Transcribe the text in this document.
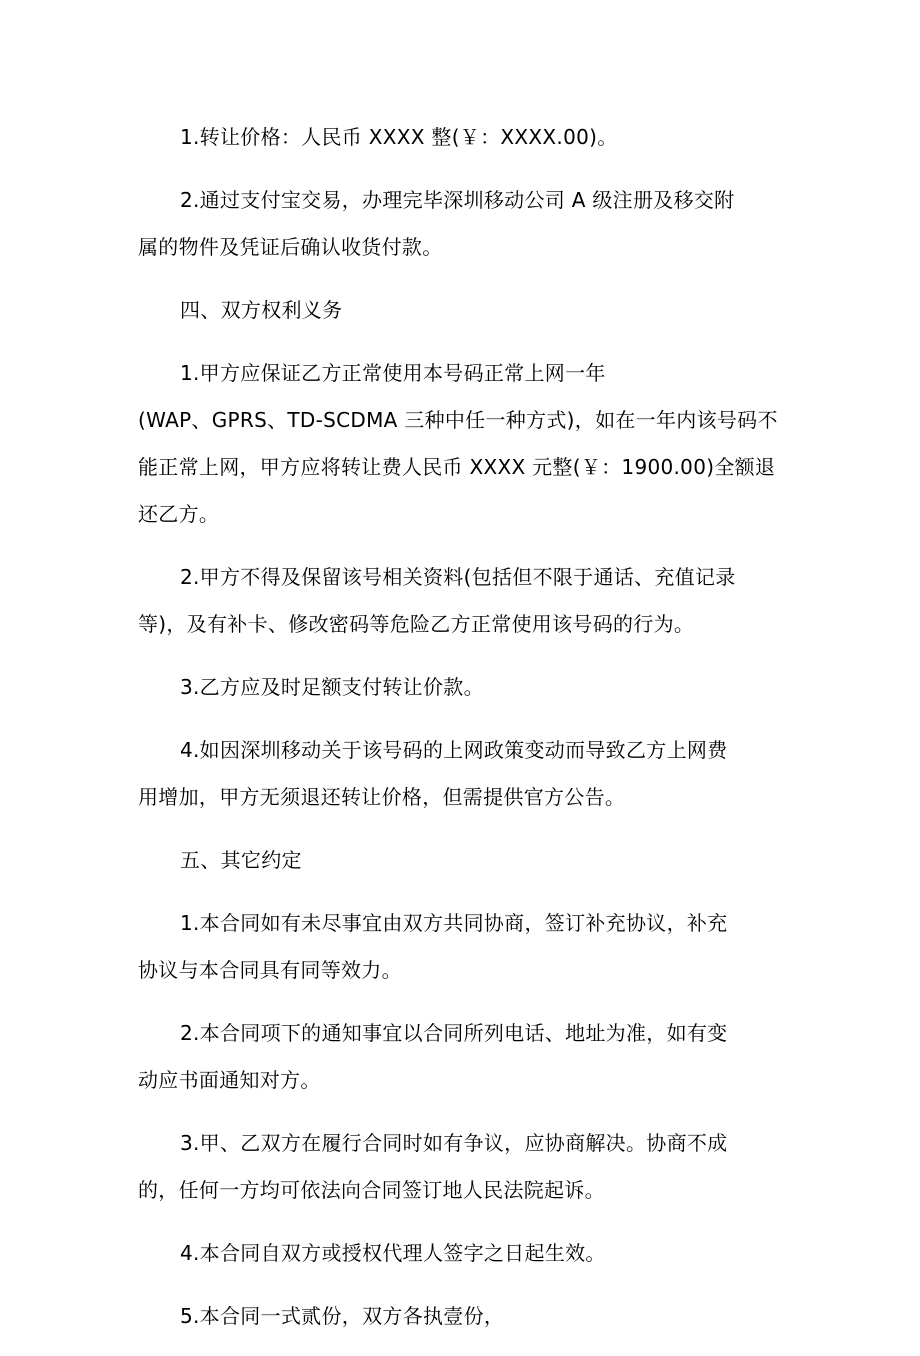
1.转让价格：人民币 XXXX 整(￥：XXXX.00)。

2.通过支付宝交易，办理完毕深圳移动公司 A 级注册及移交附
属的物件及凭证后确认收货付款。

四、双方权利义务

1.甲方应保证乙方正常使用本号码正常上网一年
(WAP、GPRS、TD-SCDMA 三种中任一种方式)，如在一年内该号码不
能正常上网，甲方应将转让费人民币 XXXX 元整(￥：1900.00)全额退
还乙方。

2.甲方不得及保留该号相关资料(包括但不限于通话、充值记录
等)，及有补卡、修改密码等危险乙方正常使用该号码的行为。

3.乙方应及时足额支付转让价款。

4.如因深圳移动关于该号码的上网政策变动而导致乙方上网费
用增加，甲方无须退还转让价格，但需提供官方公告。

五、其它约定

1.本合同如有未尽事宜由双方共同协商，签订补充协议，补充
协议与本合同具有同等效力。

2.本合同项下的通知事宜以合同所列电话、地址为准，如有变
动应书面通知对方。

3.甲、乙双方在履行合同时如有争议，应协商解决。协商不成
的，任何一方均可依法向合同签订地人民法院起诉。

4.本合同自双方或授权代理人签字之日起生效。

5.本合同一式贰份，双方各执壹份，
